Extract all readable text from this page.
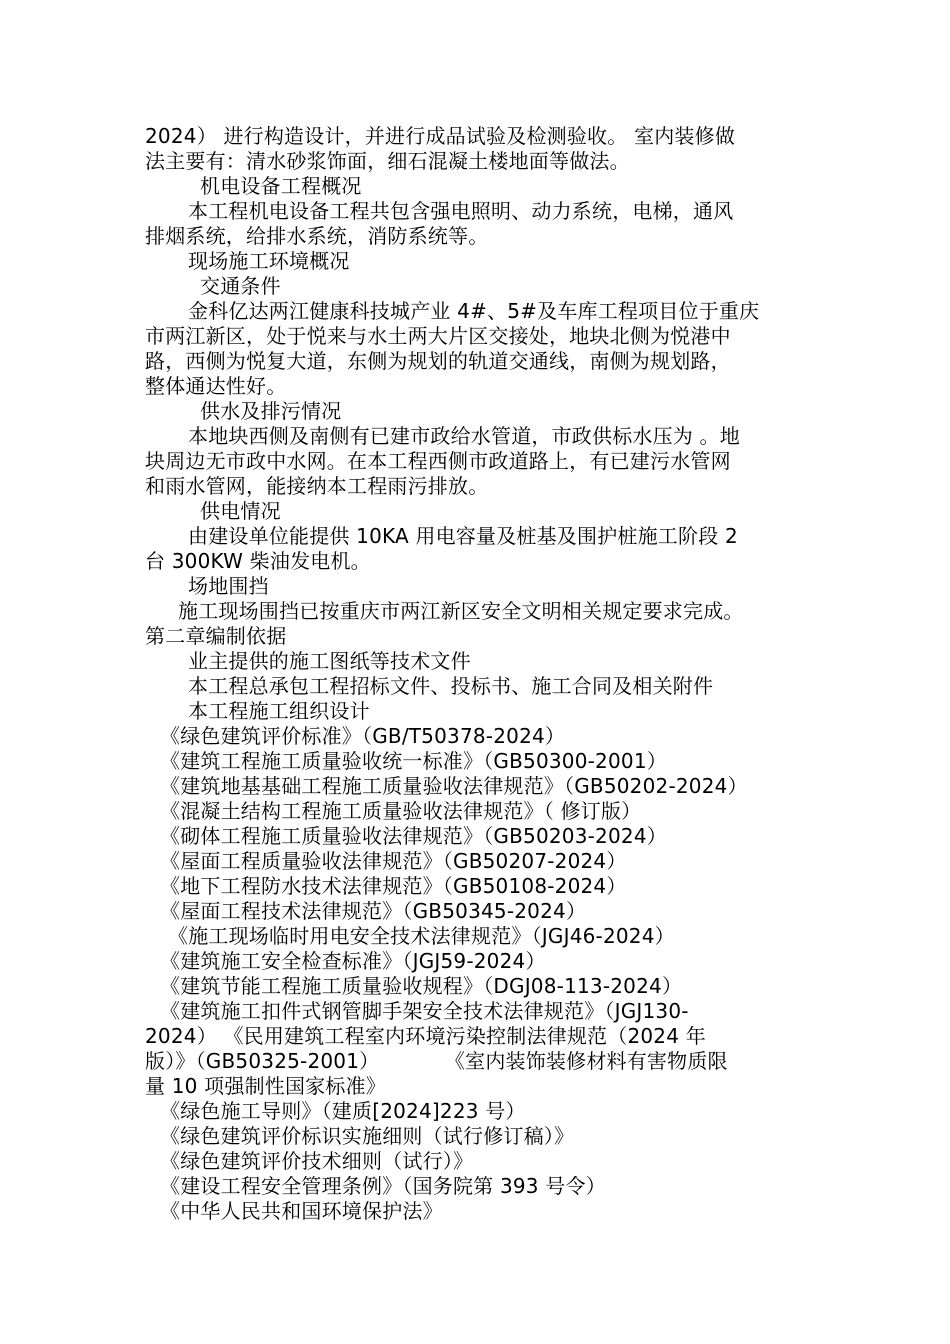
2024） 进行构造设计，并进行成品试验及检测验收。 室内装修做
法主要有：清水砂浆饰面，细石混凝土楼地面等做法。
机电设备工程概况
本工程机电设备工程共包含强电照明、动力系统，电梯，通风
排烟系统，给排水系统，消防系统等。
现场施工环境概况
交通条件
金科亿达两江健康科技城产业 4#、5#及车库工程项目位于重庆
市两江新区，处于悦来与水土两大片区交接处，地块北侧为悦港中
路，西侧为悦复大道，东侧为规划的轨道交通线，南侧为规划路，
整体通达性好。
供水及排污情况
本地块西侧及南侧有已建市政给水管道，市政供标水压为 。地
块周边无市政中水网。在本工程西侧市政道路上，有已建污水管网
和雨水管网，能接纳本工程雨污排放。
供电情况
由建设单位能提供 10KA 用电容量及桩基及围护桩施工阶段 2
台 300KW 柴油发电机。
场地围挡
施工现场围挡已按重庆市两江新区安全文明相关规定要求完成。
第二章编制依据
业主提供的施工图纸等技术文件
本工程总承包工程招标文件、投标书、施工合同及相关附件
本工程施工组织设计
《绿色建筑评价标准》（GB/T50378-2024）
《建筑工程施工质量验收统一标准》（GB50300-2001）
《建筑地基基础工程施工质量验收法律规范》（GB50202-2024）
《混凝土结构工程施工质量验收法律规范》（ 修订版）
《砌体工程施工质量验收法律规范》（GB50203-2024）
《屋面工程质量验收法律规范》（GB50207-2024）
《地下工程防水技术法律规范》（GB50108-2024）
《屋面工程技术法律规范》（GB50345-2024）
《施工现场临时用电安全技术法律规范》（JGJ46-2024）
《建筑施工安全检查标准》（JGJ59-2024）
《建筑节能工程施工质量验收规程》（DGJ08-113-2024）
《建筑施工扣件式钢管脚手架安全技术法律规范》（JGJ130-
2024） 《民用建筑工程室内环境污染控制法律规范（2024 年
版）》（GB50325-2001）          《室内装饰装修材料有害物质限
量 10 项强制性国家标准》
《绿色施工导则》（建质[2024]223 号）
《绿色建筑评价标识实施细则（试行修订稿）》
《绿色建筑评价技术细则（试行）》
《建设工程安全管理条例》（国务院第 393 号令）
《中华人民共和国环境保护法》
